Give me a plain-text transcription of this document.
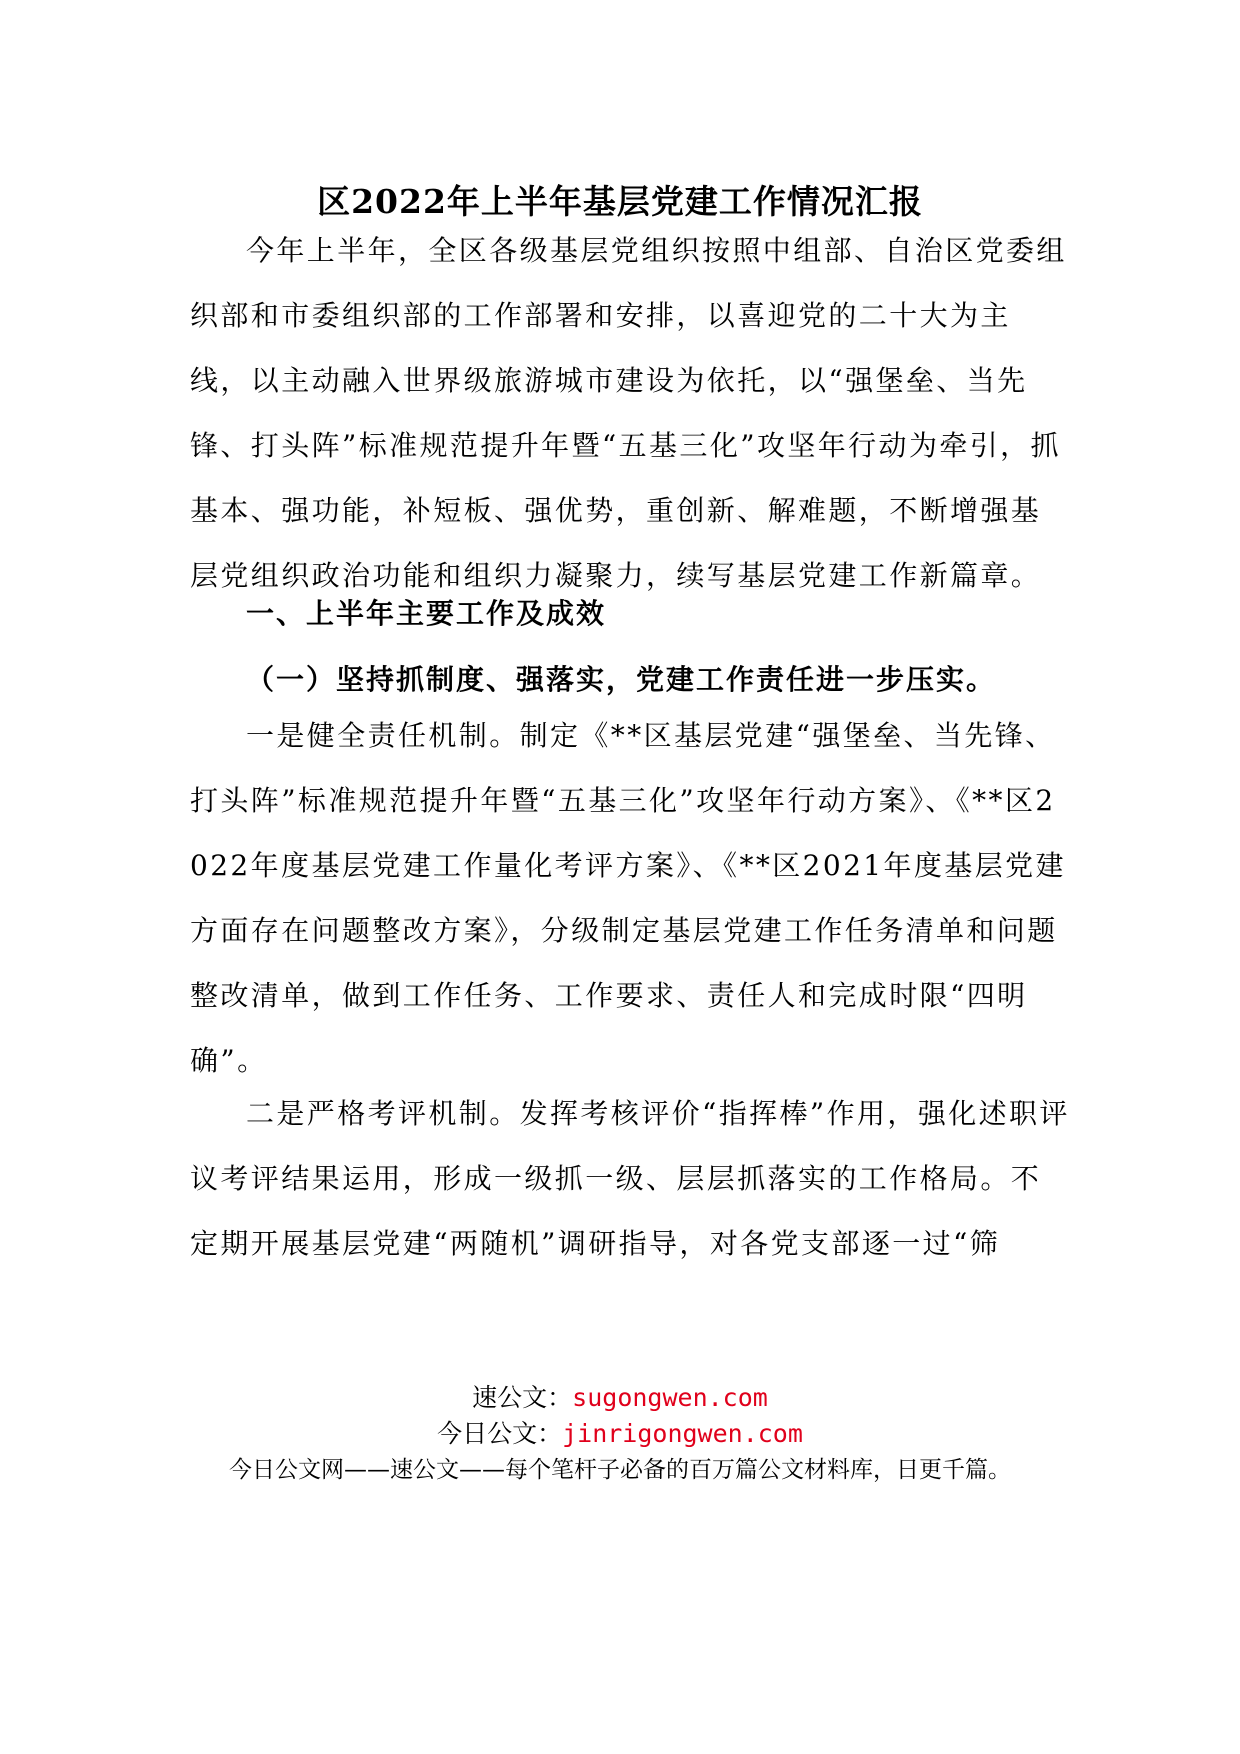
区2022年上半年基层党建工作情况汇报

今年上半年，全区各级基层党组织按照中组部、自治区党委组织部和市委组织部的工作部署和安排，以喜迎党的二十大为主线，以主动融入世界级旅游城市建设为依托，以“强堡垒、当先锋、打头阵”标准规范提升年暨“五基三化”攻坚年行动为牵引，抓基本、强功能，补短板、强优势，重创新、解难题，不断增强基层党组织政治功能和组织力凝聚力，续写基层党建工作新篇章。

一、上半年主要工作及成效

（一）坚持抓制度、强落实，党建工作责任进一步压实。

一是健全责任机制。制定《**区基层党建“强堡垒、当先锋、打头阵”标准规范提升年暨“五基三化”攻坚年行动方案》、《**区2022年度基层党建工作量化考评方案》、《**区2021年度基层党建方面存在问题整改方案》，分级制定基层党建工作任务清单和问题整改清单，做到工作任务、工作要求、责任人和完成时限“四明确”。

二是严格考评机制。发挥考核评价“指挥棒”作用，强化述职评议考评结果运用，形成一级抓一级、层层抓落实的工作格局。不定期开展基层党建“两随机”调研指导，对各党支部逐一过“筛

速公文：sugongwen.com
今日公文：jinrigongwen.com
今日公文网——速公文——每个笔杆子必备的百万篇公文材料库，日更千篇。
